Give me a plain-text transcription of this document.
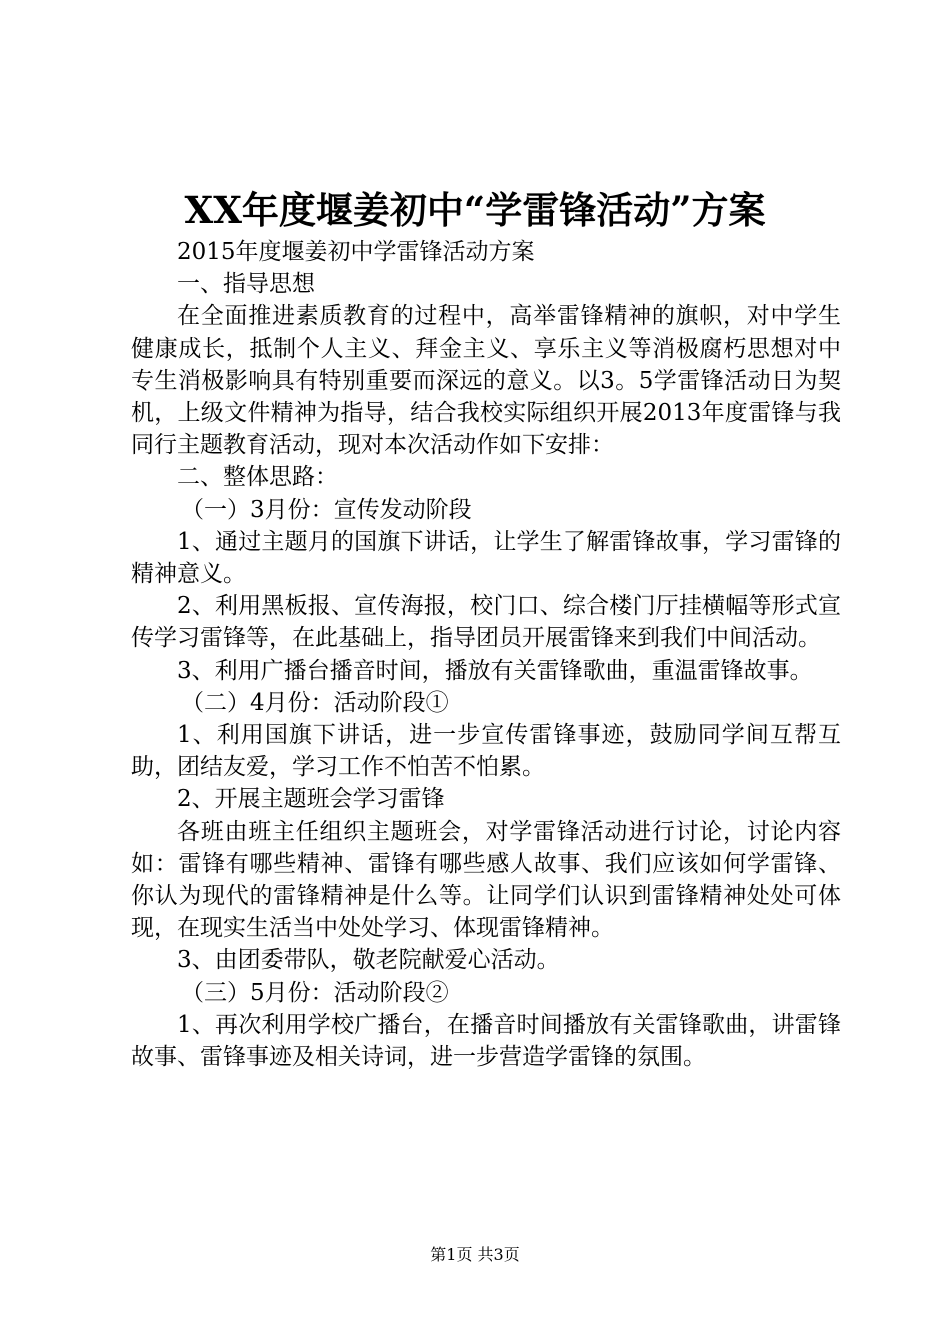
XX年度堰姜初中“学雷锋活动”方案

2015年度堰姜初中学雷锋活动方案

一、指导思想

在全面推进素质教育的过程中，高举雷锋精神的旗帜，对中学生健康成长，抵制个人主义、拜金主义、享乐主义等消极腐朽思想对中专生消极影响具有特别重要而深远的意义。以3。5学雷锋活动日为契机，上级文件精神为指导，结合我校实际组织开展2013年度雷锋与我同行主题教育活动，现对本次活动作如下安排：

二、整体思路：

（一）3月份：宣传发动阶段

1、通过主题月的国旗下讲话，让学生了解雷锋故事，学习雷锋的精神意义。

2、利用黑板报、宣传海报，校门口、综合楼门厅挂横幅等形式宣传学习雷锋等，在此基础上，指导团员开展雷锋来到我们中间活动。

3、利用广播台播音时间，播放有关雷锋歌曲，重温雷锋故事。

（二）4月份：活动阶段①

1、利用国旗下讲话，进一步宣传雷锋事迹，鼓励同学间互帮互助，团结友爱，学习工作不怕苦不怕累。

2、开展主题班会学习雷锋

各班由班主任组织主题班会，对学雷锋活动进行讨论，讨论内容如：雷锋有哪些精神、雷锋有哪些感人故事、我们应该如何学雷锋、你认为现代的雷锋精神是什么等。让同学们认识到雷锋精神处处可体现，在现实生活当中处处学习、体现雷锋精神。

3、由团委带队，敬老院献爱心活动。

（三）5月份：活动阶段②

1、再次利用学校广播台，在播音时间播放有关雷锋歌曲，讲雷锋故事、雷锋事迹及相关诗词，进一步营造学雷锋的氛围。

第1页 共3页
